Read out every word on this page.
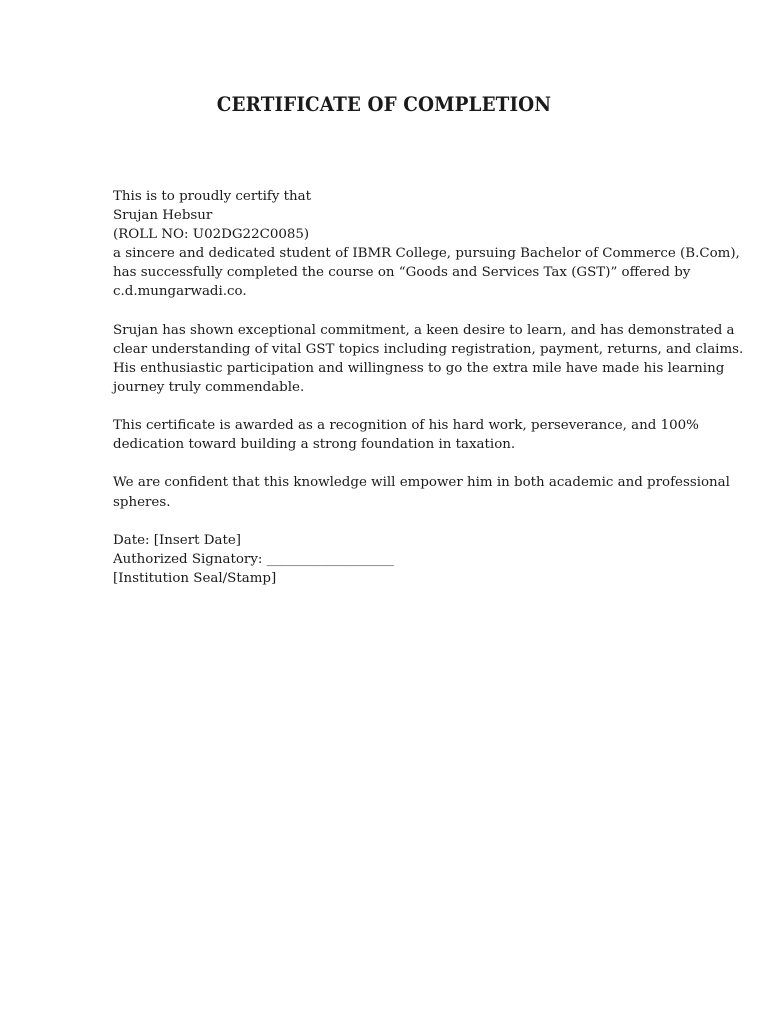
CERTIFICATE OF COMPLETION
This is to proudly certify that
Srujan Hebsur
(ROLL NO: U02DG22C0085)
a sincere and dedicated student of IBMR College, pursuing Bachelor of Commerce (B.Com),
has successfully completed the course on “Goods and Services Tax (GST)” offered by
c.d.mungarwadi.co.
Srujan has shown exceptional commitment, a keen desire to learn, and has demonstrated a
clear understanding of vital GST topics including registration, payment, returns, and claims.
His enthusiastic participation and willingness to go the extra mile have made his learning
journey truly commendable.
This certificate is awarded as a recognition of his hard work, perseverance, and 100%
dedication toward building a strong foundation in taxation.
We are confident that this knowledge will empower him in both academic and professional
spheres.
Date: [Insert Date]
Authorized Signatory: ___________________
[Institution Seal/Stamp]
